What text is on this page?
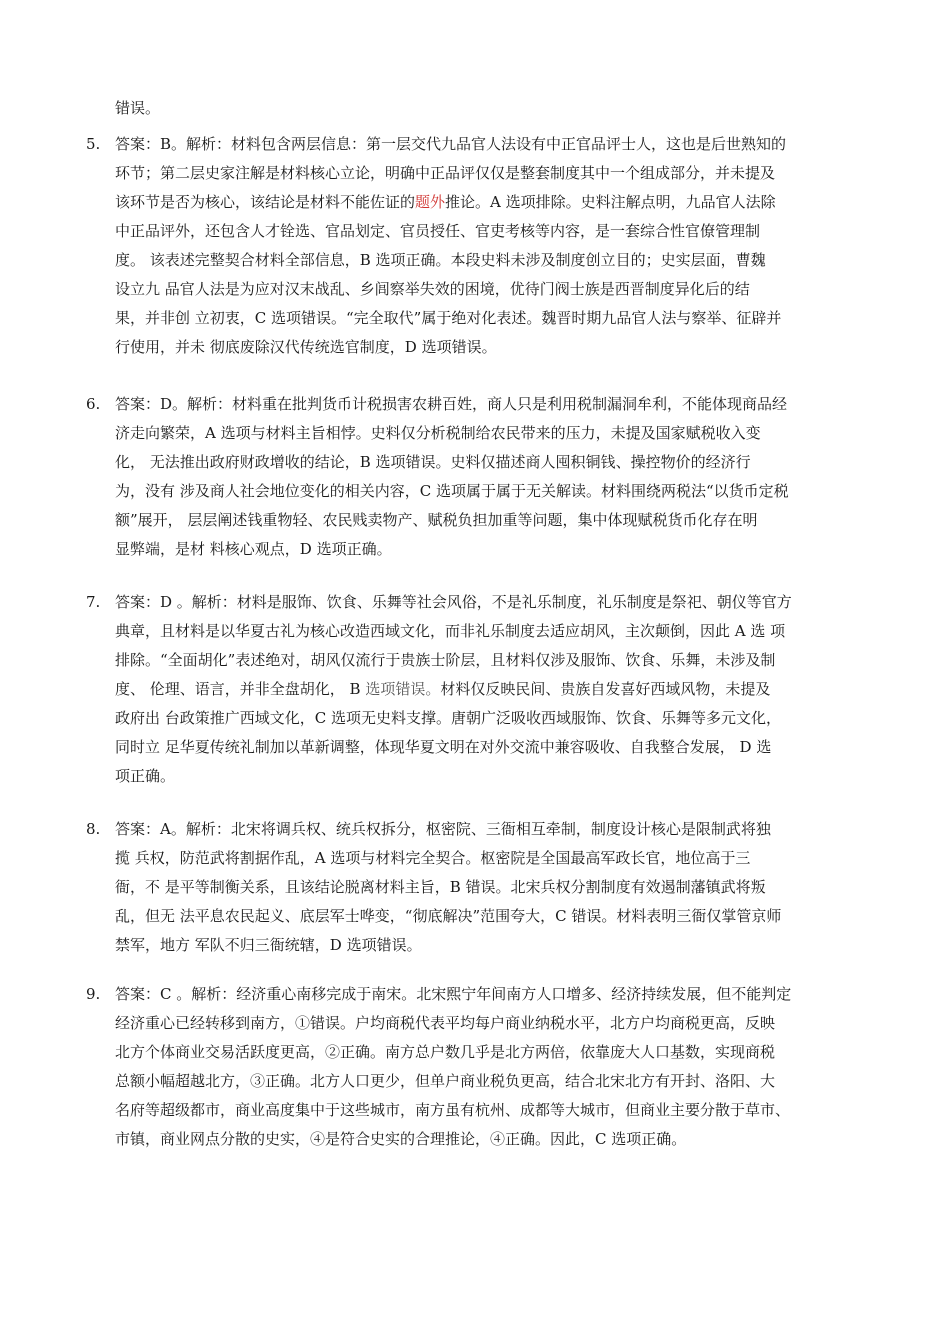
错误。
5. 答案：B。解析：材料包含两层信息：第一层交代九品官人法设有中正官品评士人，这也是后世熟知的
环节；第二层史家注解是材料核心立论，明确中正品评仅仅是整套制度其中一个组成部分，并未提及
该环节是否为核心，该结论是材料不能佐证的题外推论。A 选项排除。史料注解点明，九品官人法除
中正品评外，还包含人才铨选、官品划定、官员授任、官吏考核等内容，是一套综合性官僚管理制
度。 该表述完整契合材料全部信息，B 选项正确。本段史料未涉及制度创立目的；史实层面，曹魏
设立九 品官人法是为应对汉末战乱、乡闾察举失效的困境，优待门阀士族是西晋制度异化后的结
果，并非创 立初衷，C 选项错误。“完全取代”属于绝对化表述。魏晋时期九品官人法与察举、征辟并
行使用，并未 彻底废除汉代传统选官制度，D 选项错误。
6. 答案：D。解析：材料重在批判货币计税损害农耕百姓，商人只是利用税制漏洞牟利，不能体现商品经
济走向繁荣，A 选项与材料主旨相悖。史料仅分析税制给农民带来的压力，未提及国家赋税收入变
化， 无法推出政府财政增收的结论，B 选项错误。史料仅描述商人囤积铜钱、操控物价的经济行
为，没有 涉及商人社会地位变化的相关内容，C 选项属于属于无关解读。材料围绕两税法“以货币定税
额”展开， 层层阐述钱重物轻、农民贱卖物产、赋税负担加重等问题，集中体现赋税货币化存在明
显弊端，是材 料核心观点，D 选项正确。
7. 答案：D 。解析：材料是服饰、饮食、乐舞等社会风俗，不是礼乐制度，礼乐制度是祭祀、朝仪等官方
典章，且材料是以华夏古礼为核心改造西域文化，而非礼乐制度去适应胡风，主次颠倒，因此 A 选 项
排除。“全面胡化”表述绝对，胡风仅流行于贵族士阶层，且材料仅涉及服饰、饮食、乐舞，未涉及制
度、 伦理、语言，并非全盘胡化， B 选项错误。材料仅反映民间、贵族自发喜好西域风物，未提及
政府出 台政策推广西域文化，C 选项无史料支撑。唐朝广泛吸收西域服饰、饮食、乐舞等多元文化，
同时立 足华夏传统礼制加以革新调整，体现华夏文明在对外交流中兼容吸收、自我整合发展， D 选
项正确。
8. 答案：A。解析：北宋将调兵权、统兵权拆分，枢密院、三衙相互牵制，制度设计核心是限制武将独
揽 兵权，防范武将割据作乱，A 选项与材料完全契合。枢密院是全国最高军政长官，地位高于三
衙，不 是平等制衡关系，且该结论脱离材料主旨，B 错误。北宋兵权分割制度有效遏制藩镇武将叛
乱，但无 法平息农民起义、底层军士哗变，“彻底解决”范围夸大，C 错误。材料表明三衙仅掌管京师
禁军，地方 军队不归三衙统辖，D 选项错误。
9. 答案：C 。解析：经济重心南移完成于南宋。北宋熙宁年间南方人口增多、经济持续发展，但不能判定
经济重心已经转移到南方，①错误。户均商税代表平均每户商业纳税水平，北方户均商税更高，反映
北方个体商业交易活跃度更高，②正确。南方总户数几乎是北方两倍，依靠庞大人口基数，实现商税
总额小幅超越北方，③正确。北方人口更少，但单户商业税负更高，结合北宋北方有开封、洛阳、大
名府等超级都市，商业高度集中于这些城市，南方虽有杭州、成都等大城市，但商业主要分散于草市、
市镇，商业网点分散的史实，④是符合史实的合理推论，④正确。因此，C 选项正确。
